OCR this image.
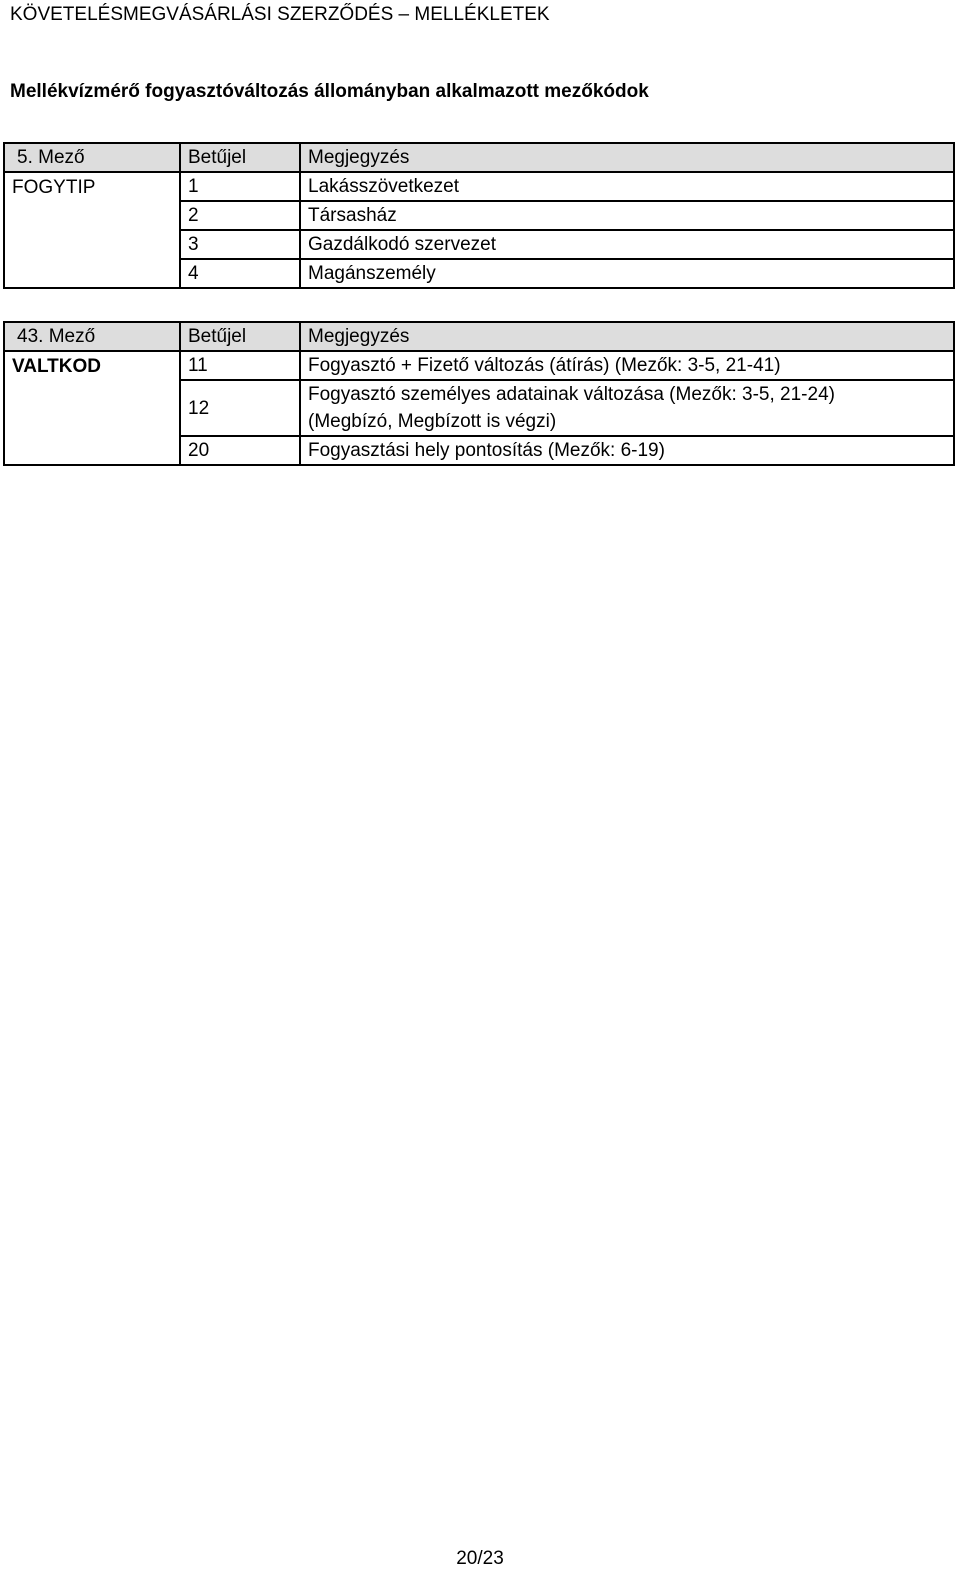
KÖVETELÉSMEGVÁSÁRLÁSI SZERZŐDÉS – MELLÉKLETEK
Mellékvízmérő fogyasztóváltozás állományban alkalmazott mezőkódok
5. Mező	Betűjel	Megjegyzés
FOGYTIP	1	Lakásszövetkezet
	2	Társasház
	3	Gazdálkodó szervezet
	4	Magánszemély
43. Mező	Betűjel	Megjegyzés
VALTKOD	11	Fogyasztó + Fizető változás (átírás) (Mezők: 3-5, 21-41)
	12	Fogyasztó személyes adatainak változása (Mezők: 3-5, 21-24)
(Megbízó, Megbízott is végzi)

	20	Fogyasztási hely pontosítás (Mezők: 6-19)
20/23
